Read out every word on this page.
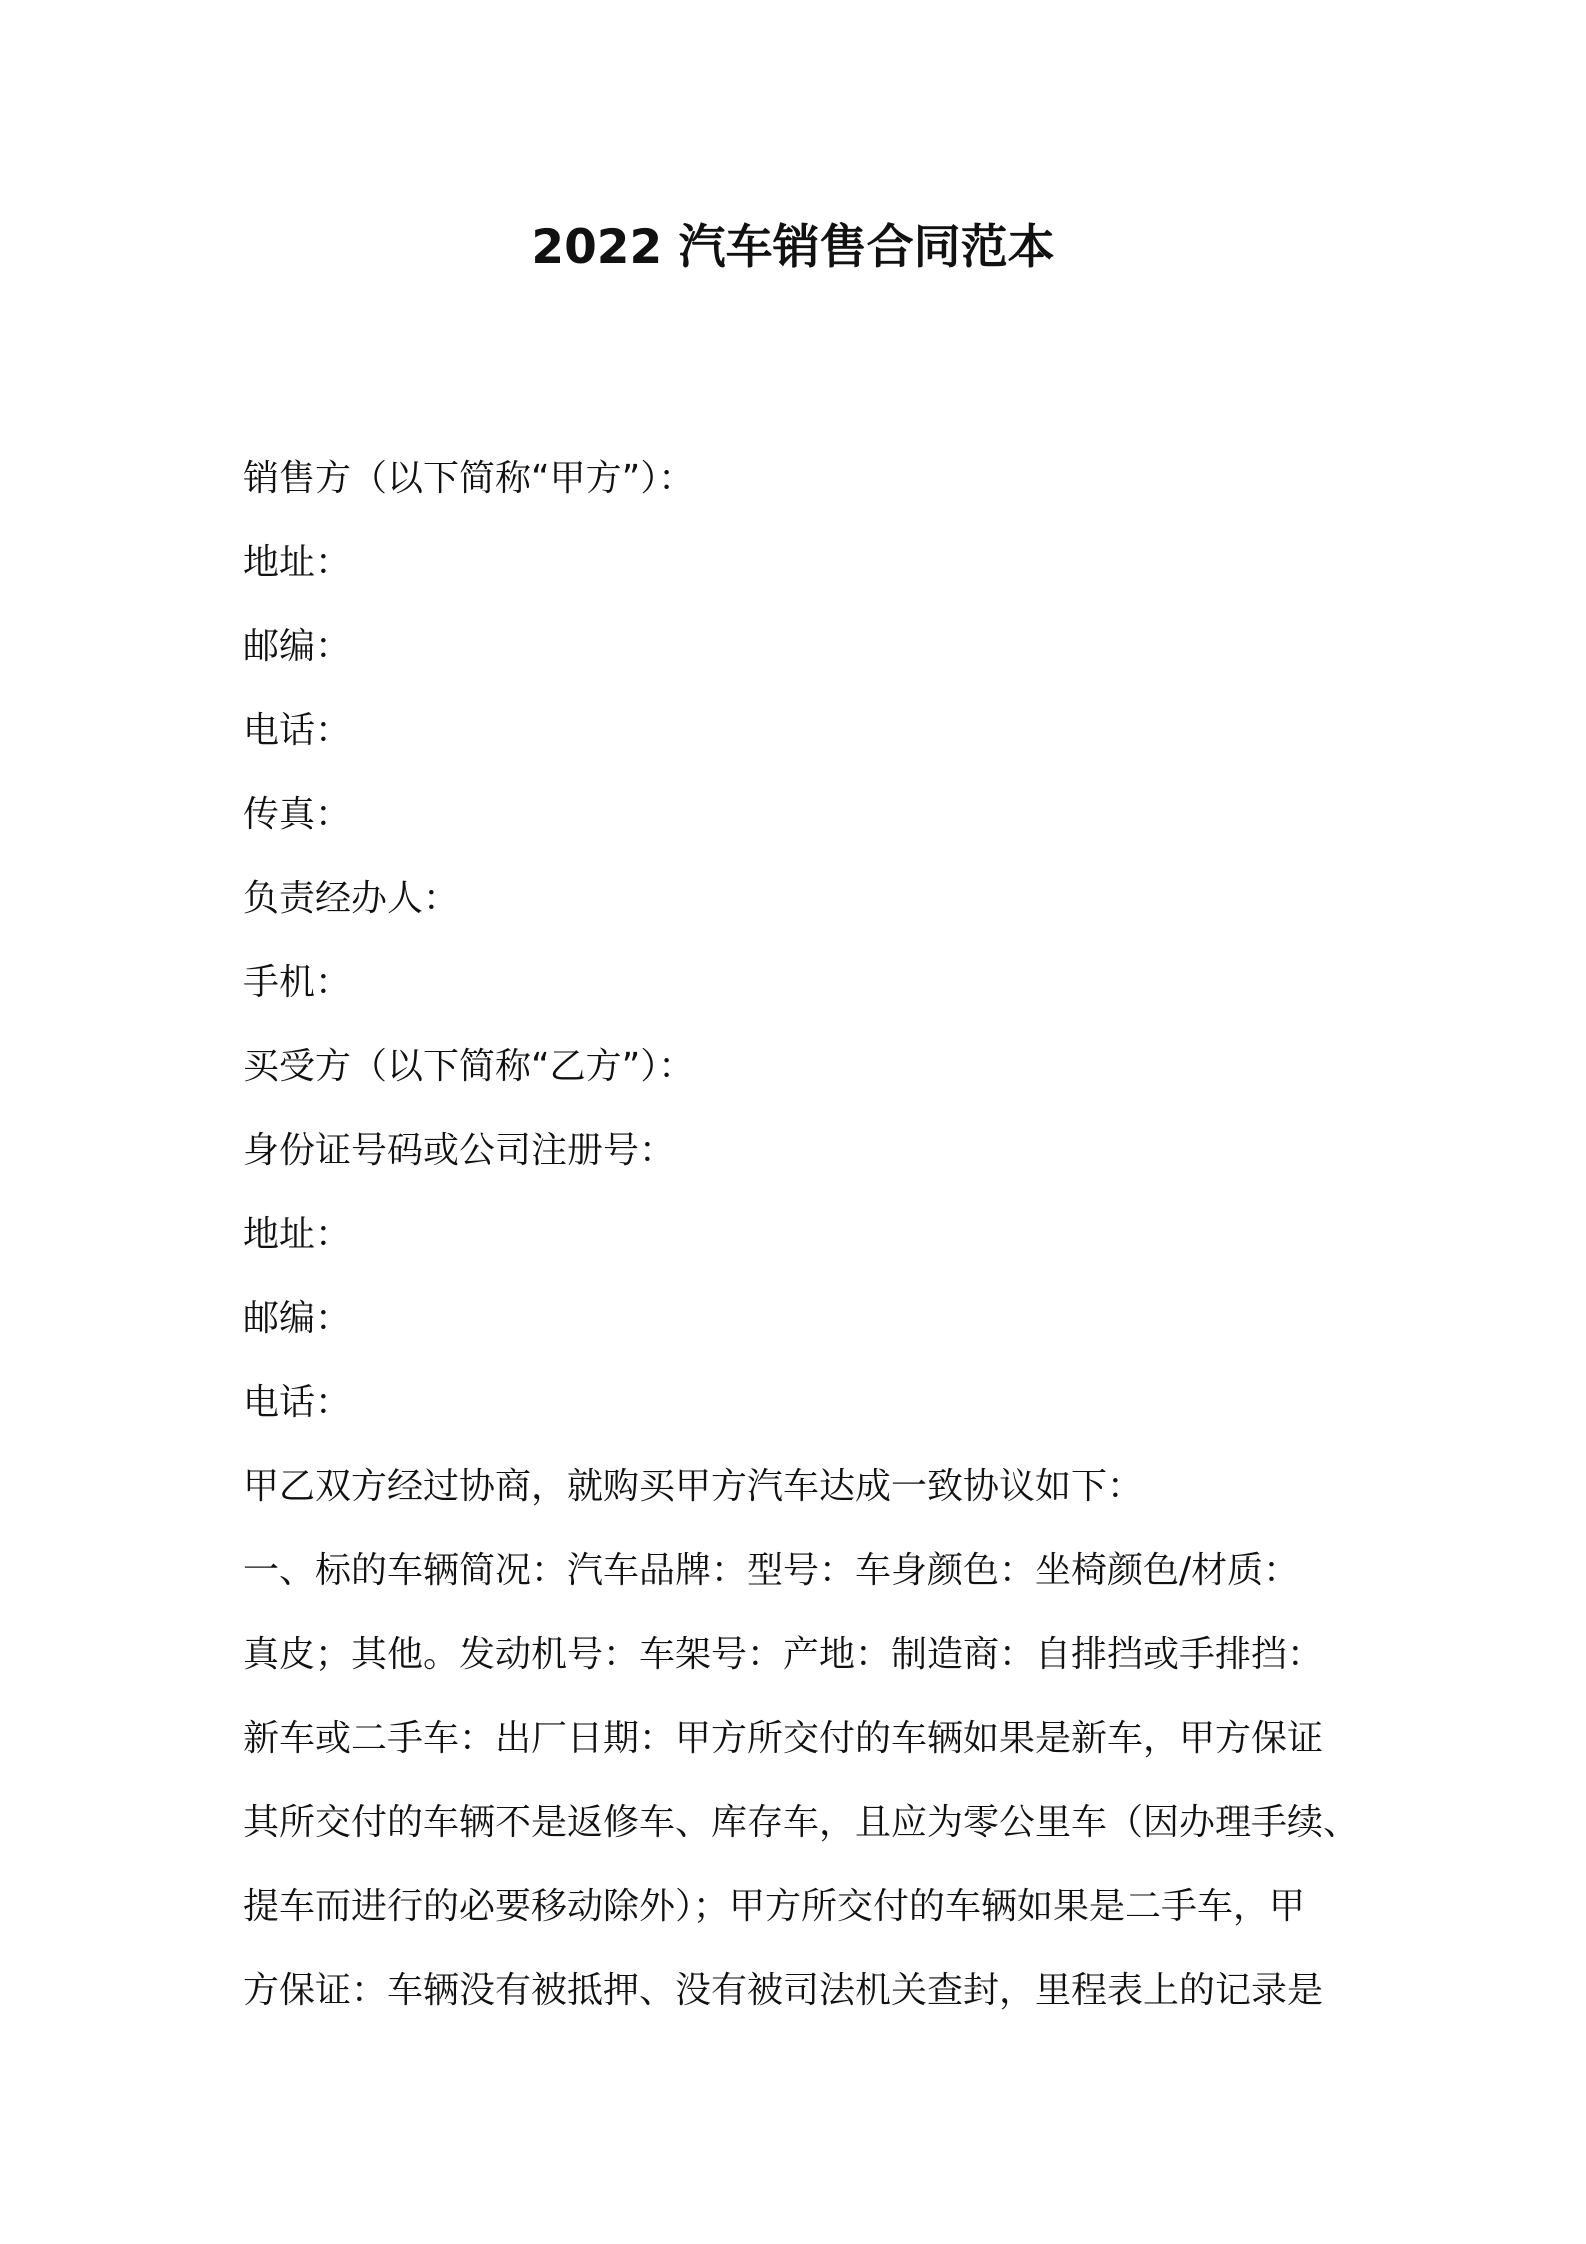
2022 汽车销售合同范本
销售方（以下简称“甲方”）：
地址：
邮编：
电话：
传真：
负责经办人：
手机：
买受方（以下简称“乙方”）：
身份证号码或公司注册号：
地址：
邮编：
电话：
甲乙双方经过协商，就购买甲方汽车达成一致协议如下：
一、标的车辆简况：汽车品牌：型号：车身颜色：坐椅颜色/材质：
真皮；其他。发动机号：车架号：产地：制造商：自排挡或手排挡：
新车或二手车：出厂日期：甲方所交付的车辆如果是新车，甲方保证
其所交付的车辆不是返修车、库存车，且应为零公里车（因办理手续、
提车而进行的必要移动除外）；甲方所交付的车辆如果是二手车，甲
方保证：车辆没有被抵押、没有被司法机关查封，里程表上的记录是
